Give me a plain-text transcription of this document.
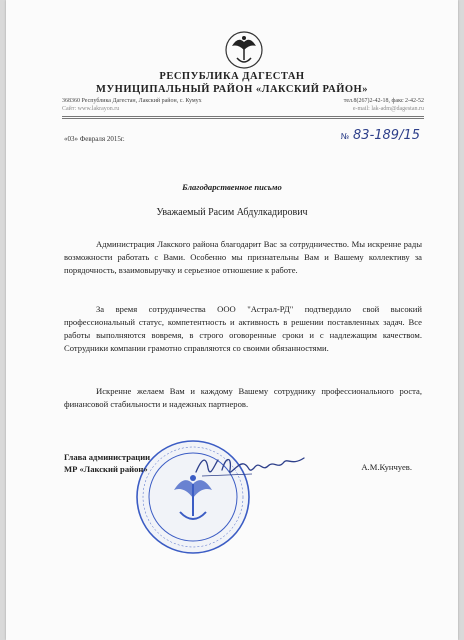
РЕСПУБЛИКА ДАГЕСТАН
МУНИЦИПАЛЬНЫЙ РАЙОН «ЛАКСКИЙ РАЙОН»
368360 Республика Дагестан, Лакский район, с. Кумух
Сайт: www.lakrayon.ru
тел.8(267)2-42-18, факс 2-42-52
e-mail: lak-adm@dagestan.ru
«03» Февраля 2015г.	№ 83-189/15
Благодарственное письмо
Уважаемый Расим Абдулкадирович

Администрация Лакского района благодарит Вас за сотрудничество. Мы искренне рады возможности работать с Вами. Особенно мы признательны Вам и Вашему коллективу за порядочность, взаимовыручку и серьезное отношение к работе.

За время сотрудничества ООО "Астрал-РД" подтвердило свой высокий профессиональный статус, компетентность и активность в решении поставленных задач. Все работы выполняются вовремя, в строго оговоренные сроки и с надлежащим качеством. Сотрудники компании грамотно справляются со своими обязанностями.

Искренне желаем Вам и каждому Вашему сотруднику профессионального роста, финансовой стабильности и надежных партнеров.

Глава администрации
МР «Лакский район»	А.М.Кунчуев.
